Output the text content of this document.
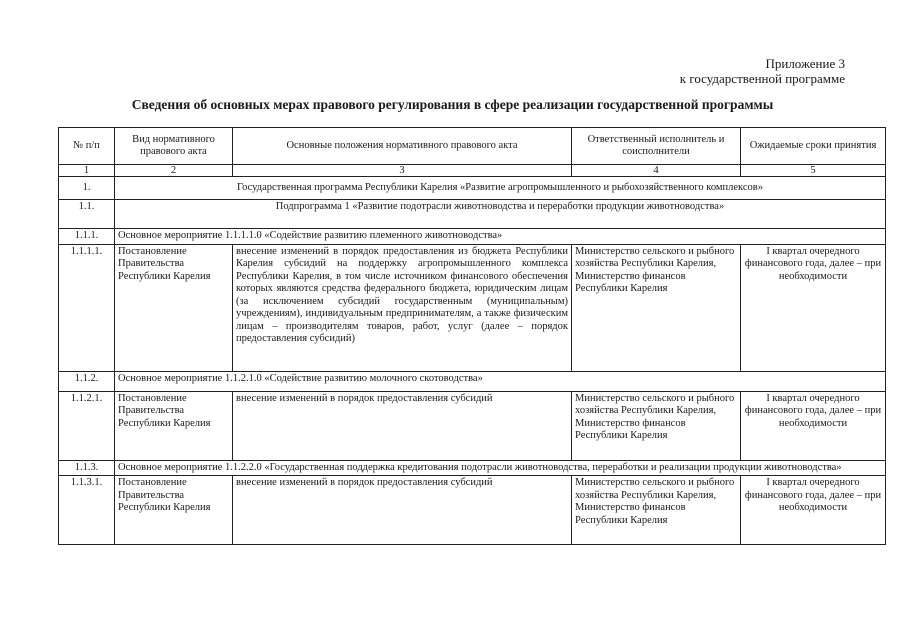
Приложение 3
к государственной программе
Сведения об основных мерах правового регулирования в сфере реализации государственной программы
№ п/п	Вид нормативного правового акта	Основные положения нормативного правового акта	Ответственный исполнитель и соисполнители	Ожидаемые сроки принятия
1	2	3	4	5
1.	Государственная программа Республики Карелия «Развитие агропромышленного и рыбохозяйственного комплексов»			
1.1.	Подпрограмма 1 «Развитие подотрасли животноводства и переработки продукции животноводства»			
1.1.1.	Основное мероприятие 1.1.1.1.0 «Содействие развитию племенного животноводства»			
1.1.1.1.	Постановление Правительства Республики Карелия	внесение изменений в порядок предоставления из бюджета Республики Карелия субсидий на поддержку агропромышленного комплекса Республики Карелия, в том числе источником финансового обеспечения которых являются средства федерального бюджета, юридическим лицам (за исключением субсидий государственным (муниципальным) учреждениям), индивидуальным предпринимателям, а также физическим лицам – производителям товаров, работ, услуг (далее – порядок предоставления субсидий)	Министерство сельского и рыбного хозяйства Республики Карелия, Министерство финансов Республики Карелия	I квартал очередного финансового года, далее – при необходимости
1.1.2.	Основное мероприятие 1.1.2.1.0 «Содействие развитию молочного скотоводства»			
1.1.2.1.	Постановление Правительства Республики Карелия	внесение изменений в порядок предоставления субсидий	Министерство сельского и рыбного хозяйства Республики Карелия, Министерство финансов Республики Карелия	I квартал очередного финансового года, далее – при необходимости
1.1.3.	Основное мероприятие 1.1.2.2.0 «Государственная поддержка кредитования подотрасли животноводства, переработки и реализации продукции животноводства»			
1.1.3.1.	Постановление Правительства Республики Карелия	внесение изменений в порядок предоставления субсидий	Министерство сельского и рыбного хозяйства Республики Карелия, Министерство финансов Республики Карелия	I квартал очередного финансового года, далее – при необходимости
